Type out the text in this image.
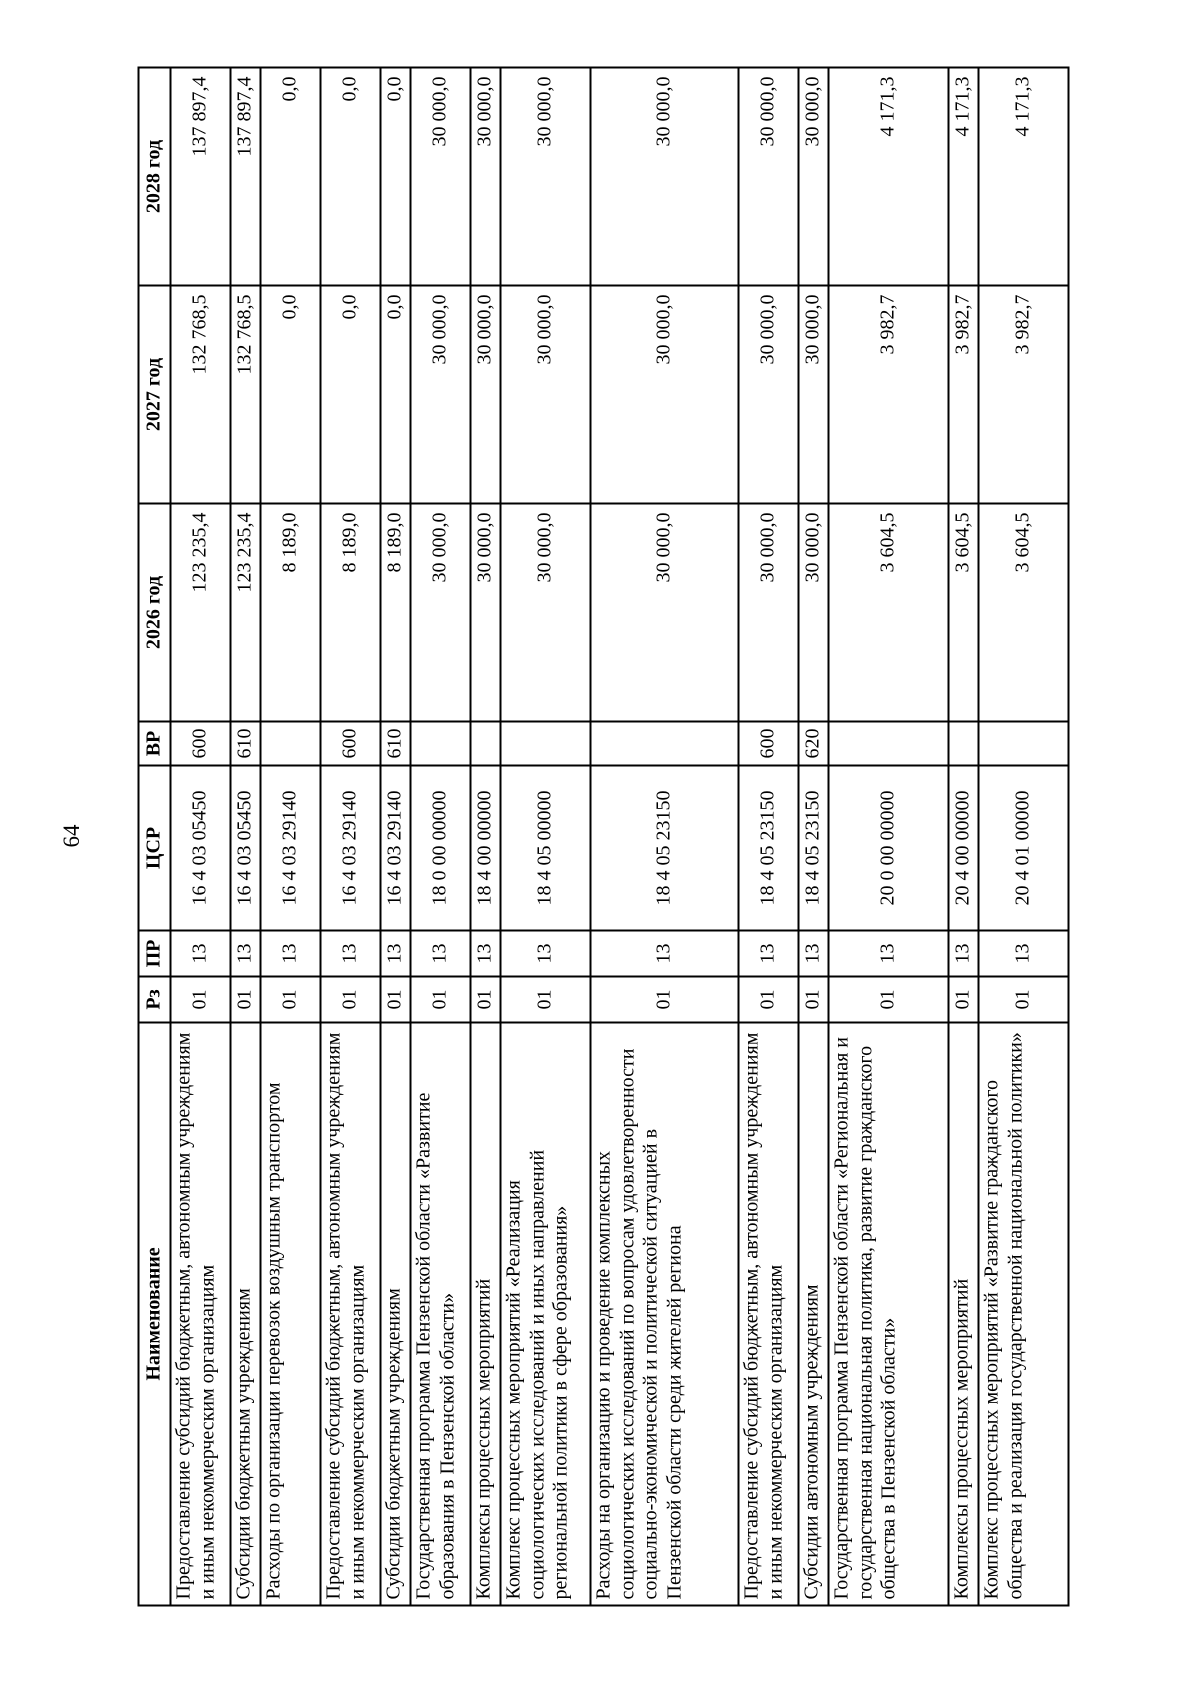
64
Наименование	Рз	ПР	ЦСР	ВР	2026 год	2027 год	2028 год
Предоставление субсидий бюджетным, автономным учреждениям и иным некоммерческим организациям	01	13	16 4 03 05450	600	123 235,4	132 768,5	137 897,4
Субсидии бюджетным учреждениям	01	13	16 4 03 05450	610	123 235,4	132 768,5	137 897,4
Расходы по организации перевозок воздушным транспортом	01	13	16 4 03 29140		8 189,0	0,0	0,0
Предоставление субсидий бюджетным, автономным учреждениям и иным некоммерческим организациям	01	13	16 4 03 29140	600	8 189,0	0,0	0,0
Субсидии бюджетным учреждениям	01	13	16 4 03 29140	610	8 189,0	0,0	0,0
Государственная программа Пензенской области «Развитие образования в Пензенской области»	01	13	18 0 00 00000		30 000,0	30 000,0	30 000,0
Комплексы процессных мероприятий	01	13	18 4 00 00000		30 000,0	30 000,0	30 000,0
Комплекс процессных мероприятий «Реализация социологических исследований и иных направлений региональной политики в сфере образования»	01	13	18 4 05 00000		30 000,0	30 000,0	30 000,0
Расходы на организацию и проведение комплексных социологических исследований по вопросам удовлетворенности социально-экономической и политической ситуацией в Пензенской области среди жителей региона	01	13	18 4 05 23150		30 000,0	30 000,0	30 000,0
Предоставление субсидий бюджетным, автономным учреждениям и иным некоммерческим организациям	01	13	18 4 05 23150	600	30 000,0	30 000,0	30 000,0
Субсидии автономным учреждениям	01	13	18 4 05 23150	620	30 000,0	30 000,0	30 000,0
Государственная программа Пензенской области «Региональная и государственная национальная политика, развитие гражданского общества в Пензенской области»	01	13	20 0 00 00000		3 604,5	3 982,7	4 171,3
Комплексы процессных мероприятий	01	13	20 4 00 00000		3 604,5	3 982,7	4 171,3
Комплекс процессных мероприятий «Развитие гражданского общества и реализация государственной национальной политики»	01	13	20 4 01 00000		3 604,5	3 982,7	4 171,3
